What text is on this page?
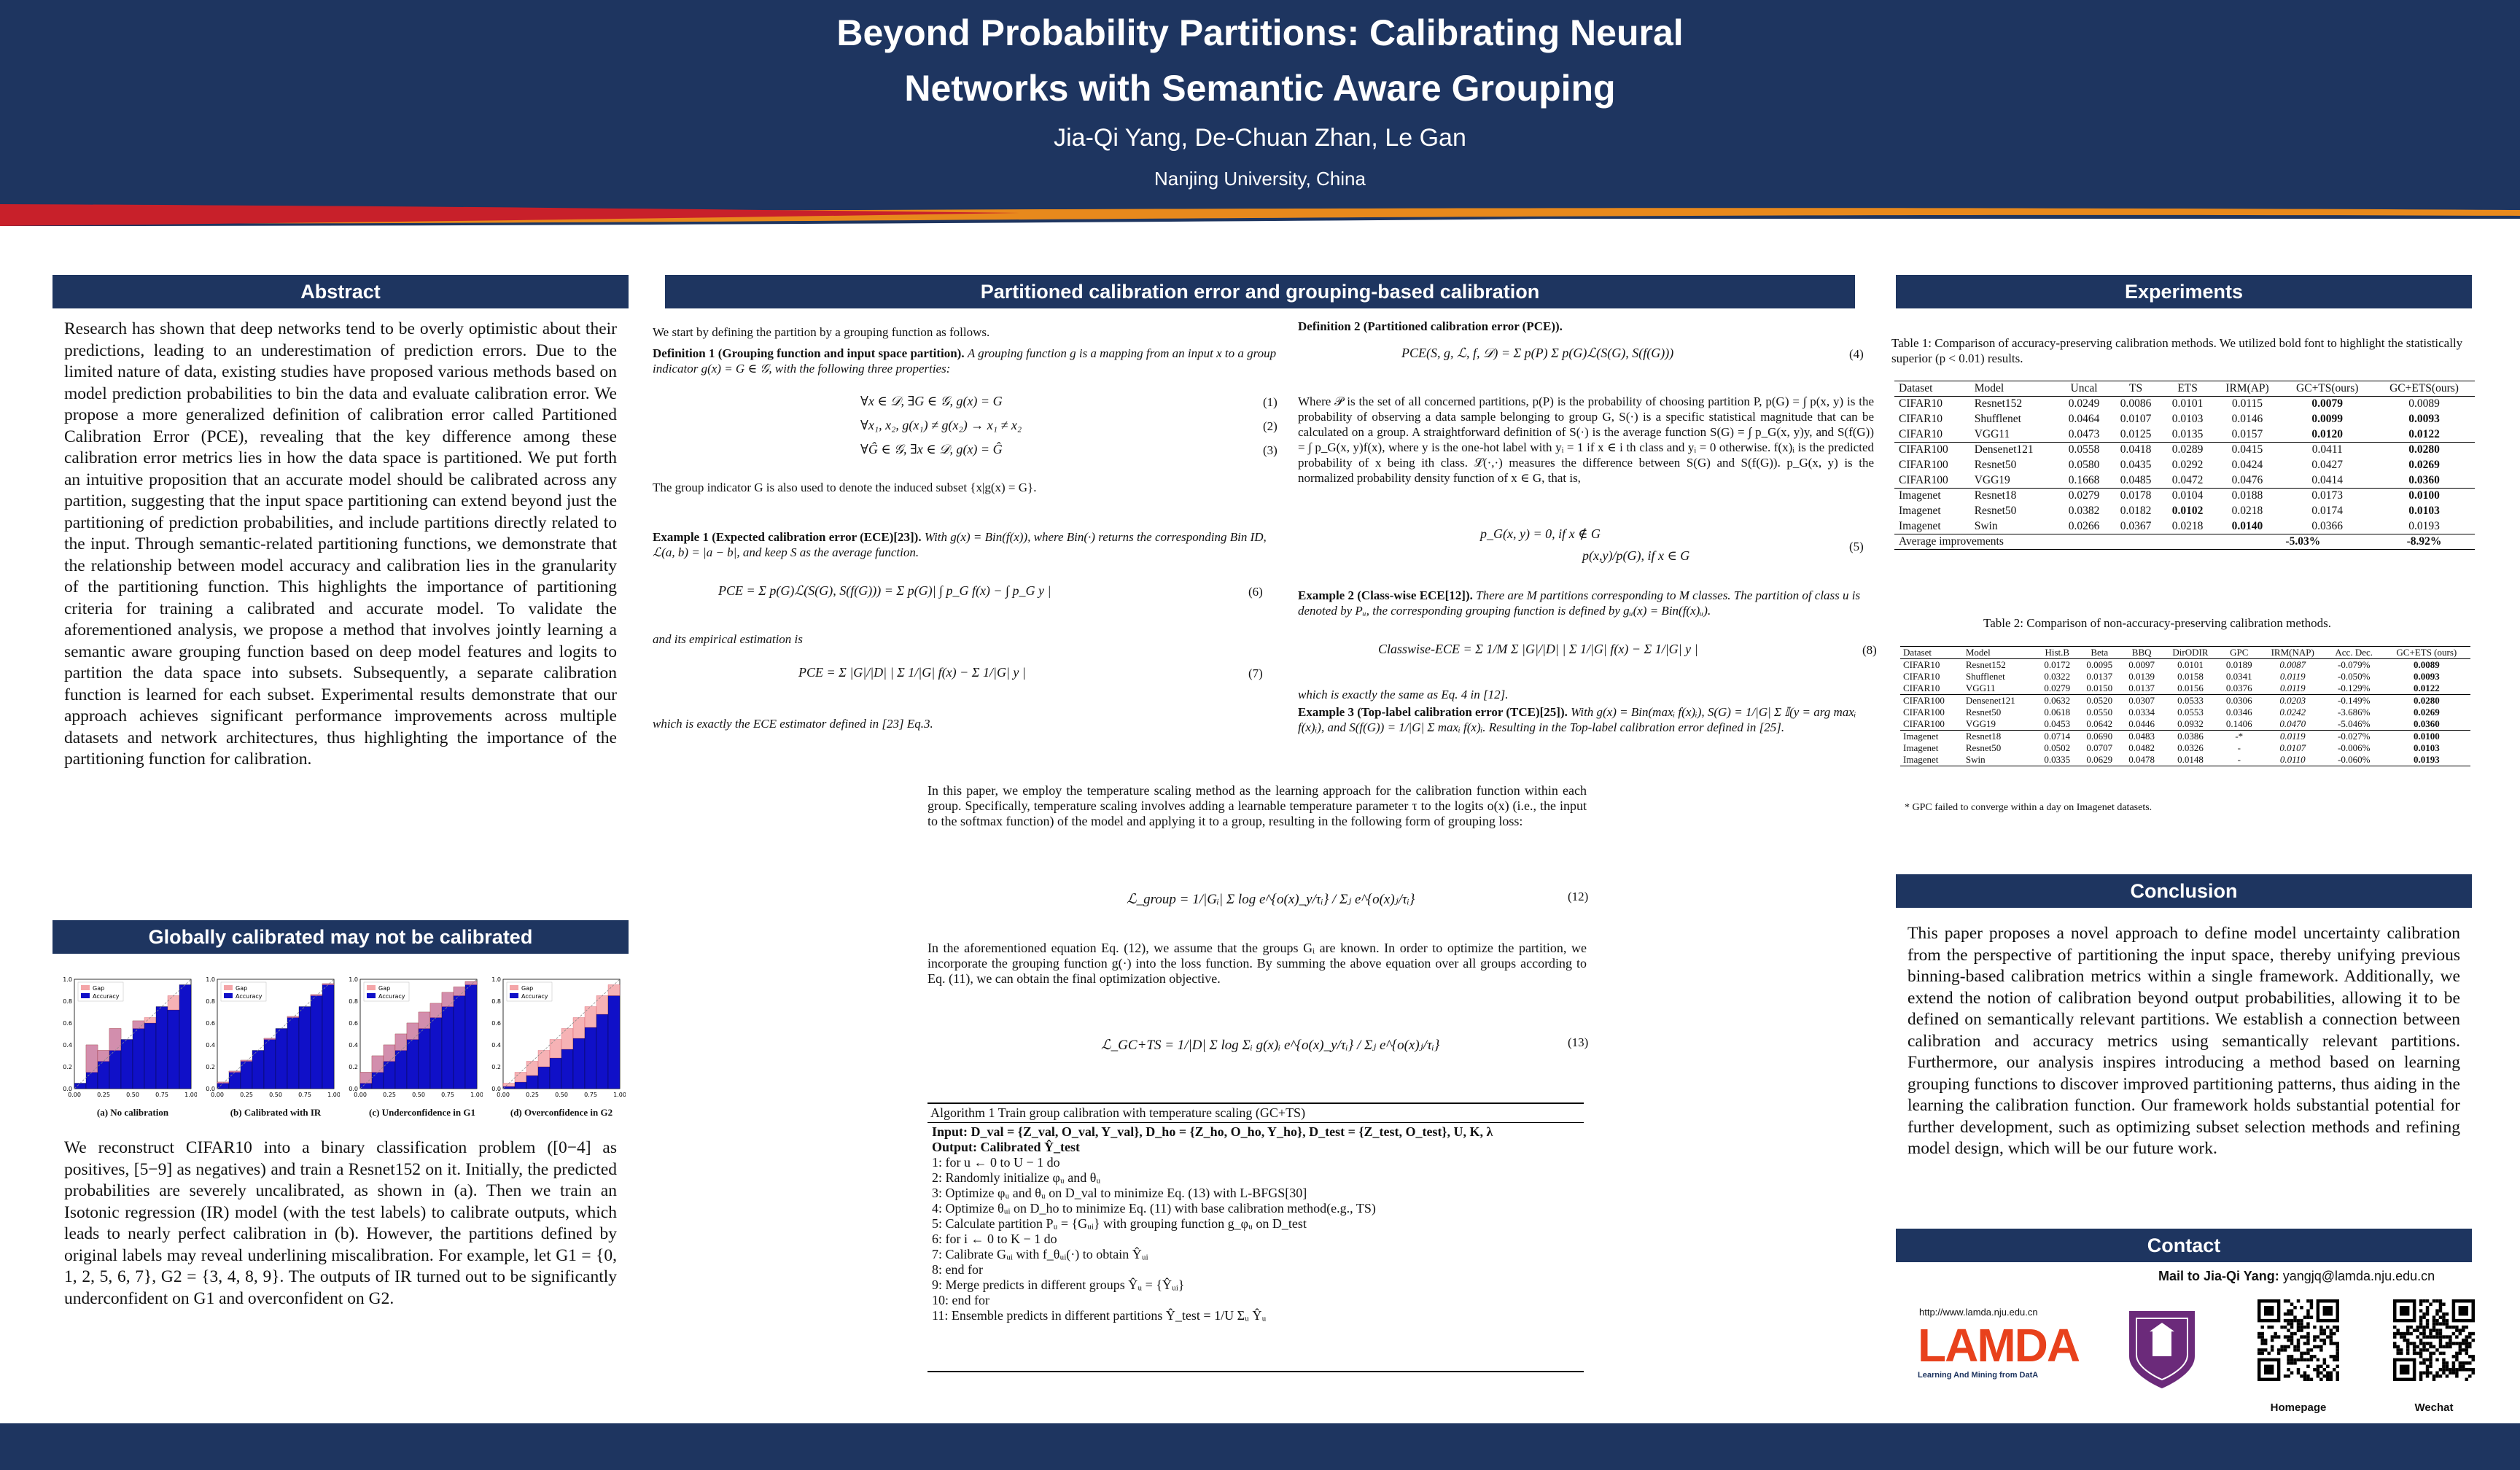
Beyond Probability Partitions: Calibrating Neural
Networks with Semantic Aware Grouping
Jia-Qi Yang, De-Chuan Zhan, Le Gan
Nanjing University, China
Abstract
Research has shown that deep networks tend to be overly optimistic about their predictions, leading to an underestimation of prediction errors. Due to the limited nature of data, existing studies have proposed various methods based on model prediction probabilities to bin the data and evaluate calibration error. We propose a more generalized definition of calibration error called Partitioned Calibration Error (PCE), revealing that the key difference among these calibration error metrics lies in how the data space is partitioned. We put forth an intuitive proposition that an accurate model should be calibrated across any partition, suggesting that the input space partitioning can extend beyond just the partitioning of prediction probabilities, and include partitions directly related to the input. Through semantic-related partitioning functions, we demonstrate that the relationship between model accuracy and calibration lies in the granularity of the partitioning function. This highlights the importance of partitioning criteria for training a calibrated and accurate model. To validate the aforementioned analysis, we propose a method that involves jointly learning a semantic aware grouping function based on deep model features and logits to partition the data space into subsets. Subsequently, a separate calibration function is learned for each subset. Experimental results demonstrate that our approach achieves significant performance improvements across multiple datasets and network architectures, thus highlighting the importance of the partitioning function for calibration.
Globally calibrated may not be calibrated
0.0
0.2
0.4
0.6
0.8
1.0
0.00	0.25	0.50	0.75	1.00
Gap
Accuracy
0.0
0.2
0.4
0.6
0.8
1.0
0.00	0.25	0.50	0.75	1.00
Gap
Accuracy
0.0
0.2
0.4
0.6
0.8
1.0
0.00	0.25	0.50	0.75	1.00
Gap
Accuracy
0.0
0.2
0.4
0.6
0.8
1.0
0.00	0.25	0.50	0.75	1.00
Gap
Accuracy
(a) No calibration	(b) Calibrated with IR	(c) Underconfidence in G1	(d) Overconfidence in G2
We reconstruct CIFAR10 into a binary classification problem ([0−4] as positives, [5−9] as negatives) and train a Resnet152 on it. Initially, the predicted probabilities are severely uncalibrated, as shown in (a). Then we train an Isotonic regression (IR) model (with the test labels) to calibrate outputs, which leads to nearly perfect calibration in (b). However, the partitions defined by original labels may reveal underlining miscalibration. For example, let G1 = {0, 1, 2, 5, 6, 7}, G2 = {3, 4, 8, 9}. The outputs of IR turned out to be significantly underconfident on G1 and overconfident on G2.
Partitioned calibration error and grouping-based calibration
We start by defining the partition by a grouping function as follows.
Definition 1 (Grouping function and input space partition). A grouping function g is a mapping from an input x to a group indicator g(x) = G ∈ 𝒢, with the following three properties:
∀x ∈ 𝒟, ∃G ∈ 𝒢, g(x) = G	(1)
∀x₁, x₂, g(x₁) ≠ g(x₂) → x₁ ≠ x₂	(2)
∀Ĝ ∈ 𝒢, ∃x ∈ 𝒟, g(x) = Ĝ	(3)
The group indicator G is also used to denote the induced subset {x|g(x) = G}.
Example 1 (Expected calibration error (ECE)[23]). With g(x) = Bin(f(x)), where Bin(·) returns the corresponding Bin ID, ℒ(a, b) = |a − b|, and keep S as the average function.
PCE = Σ p(G)ℒ(S(G), S(f(G))) = Σ p(G)| ∫ p_G f(x) − ∫ p_G y |	(6)
and its empirical estimation is
PCE = Σ |G|/|D| | Σ 1/|G| f(x) − Σ 1/|G| y |	(7)
which is exactly the ECE estimator defined in [23] Eq.3.
Definition 2 (Partitioned calibration error (PCE)).
PCE(S, g, ℒ, f, 𝒟) = Σ p(P) Σ p(G)ℒ(S(G), S(f(G)))	(4)
Where 𝒫 is the set of all concerned partitions, p(P) is the probability of choosing partition P, p(G) = ∫ p(x, y) is the probability of observing a data sample belonging to group G, S(·) is a specific statistical magnitude that can be calculated on a group. A straightforward definition of S(·) is the average function S(G) = ∫ p_G(x, y)y, and S(f(G)) = ∫ p_G(x, y)f(x), where y is the one-hot label with yᵢ = 1 if x ∈ i th class and yᵢ = 0 otherwise. f(x)ᵢ is the predicted probability of x being ith class. ℒ(·,·) measures the difference between S(G) and S(f(G)). p_G(x, y) is the normalized probability density function of x ∈ G, that is,
p_G(x, y) = 0, if x ∉ G
p(x,y)/p(G), if x ∈ G
(5)
Example 2 (Class-wise ECE[12]). There are M partitions corresponding to M classes. The partition of class u is denoted by Pᵤ, the corresponding grouping function is defined by gᵤ(x) = Bin(f(x)ᵤ).
Classwise-ECE = Σ 1/M Σ |G|/|D| | Σ 1/|G| f(x) − Σ 1/|G| y |	(8)
which is exactly the same as Eq. 4 in [12].
Example 3 (Top-label calibration error (TCE)[25]). With g(x) = Bin(maxᵢ f(x)ᵢ), S(G) = 1/|G| Σ 𝕀(y = arg maxᵢ f(x)ᵢ), and S(f(G)) = 1/|G| Σ maxᵢ f(x)ᵢ. Resulting in the Top-label calibration error defined in [25].
In this paper, we employ the temperature scaling method as the learning approach for the calibration function within each group. Specifically, temperature scaling involves adding a learnable temperature parameter τ to the logits o(x) (i.e., the input to the softmax function) of the model and applying it to a group, resulting in the following form of grouping loss:
ℒ_group = 1/|Gᵢ| Σ log e^{o(x)_y/τᵢ} / Σⱼ e^{o(x)ⱼ/τᵢ}	(12)
In the aforementioned equation Eq. (12), we assume that the groups Gᵢ are known. In order to optimize the partition, we incorporate the grouping function g(·) into the loss function. By summing the above equation over all groups according to Eq. (11), we can obtain the final optimization objective.
ℒ_GC+TS = 1/|D| Σ log Σᵢ g(x)ᵢ e^{o(x)_y/τᵢ} / Σⱼ e^{o(x)ⱼ/τᵢ}	(13)
Algorithm 1 Train group calibration with temperature scaling (GC+TS)
Input: D_val = {Z_val, O_val, Y_val}, D_ho = {Z_ho, O_ho, Y_ho}, D_test = {Z_test, O_test}, U, K, λ
Output: Calibrated Ŷ_test
1: for u ← 0 to U − 1 do
2: Randomly initialize φᵤ and θᵤ
3: Optimize φᵤ and θᵤ on D_val to minimize Eq. (13) with L-BFGS[30]
4: Optimize θᵤᵢ on D_ho to minimize Eq. (11) with base calibration method(e.g., TS)
5: Calculate partition Pᵤ = {Gᵤᵢ} with grouping function g_φᵤ on D_test
6: for i ← 0 to K − 1 do
7: Calibrate Gᵤᵢ with f_θᵤᵢ(·) to obtain Ŷᵤᵢ
8: end for
9: Merge predicts in different groups Ŷᵤ = {Ŷᵤᵢ}
10: end for
11: Ensemble predicts in different partitions Ŷ_test = 1/U Σᵤ Ŷᵤ
Experiments
Table 1: Comparison of accuracy-preserving calibration methods. We utilized bold font to highlight the statistically superior (p < 0.01) results.
Dataset	Model	Uncal	TS	ETS	IRM(AP)	GC+TS(ours)	GC+ETS(ours)
CIFAR10	Resnet152	0.0249	0.0086	0.0101	0.0115	0.0079	0.0089
CIFAR10	Shufflenet	0.0464	0.0107	0.0103	0.0146	0.0099	0.0093
CIFAR10	VGG11	0.0473	0.0125	0.0135	0.0157	0.0120	0.0122
CIFAR100	Densenet121	0.0558	0.0418	0.0289	0.0415	0.0411	0.0280
CIFAR100	Resnet50	0.0580	0.0435	0.0292	0.0424	0.0427	0.0269
CIFAR100	VGG19	0.1668	0.0485	0.0472	0.0476	0.0414	0.0360
Imagenet	Resnet18	0.0279	0.0178	0.0104	0.0188	0.0173	0.0100
Imagenet	Resnet50	0.0382	0.0182	0.0102	0.0218	0.0174	0.0103
Imagenet	Swin	0.0266	0.0367	0.0218	0.0140	0.0366	0.0193
Average improvements						-5.03%	-8.92%
Table 2: Comparison of non-accuracy-preserving calibration methods.
Dataset	Model	Hist.B	Beta	BBQ	DirODIR	GPC	IRM(NAP)	Acc. Dec.	GC+ETS (ours)
CIFAR10	Resnet152	0.0172	0.0095	0.0097	0.0101	0.0189	0.0087	-0.079%	0.0089
CIFAR10	Shufflenet	0.0322	0.0137	0.0139	0.0158	0.0341	0.0119	-0.050%	0.0093
CIFAR10	VGG11	0.0279	0.0150	0.0137	0.0156	0.0376	0.0119	-0.129%	0.0122
CIFAR100	Densenet121	0.0632	0.0520	0.0307	0.0533	0.0306	0.0203	-0.149%	0.0280
CIFAR100	Resnet50	0.0618	0.0550	0.0334	0.0553	0.0346	0.0242	-3.686%	0.0269
CIFAR100	VGG19	0.0453	0.0642	0.0446	0.0932	0.1406	0.0470	-5.046%	0.0360
Imagenet	Resnet18	0.0714	0.0690	0.0483	0.0386	-*	0.0119	-0.027%	0.0100
Imagenet	Resnet50	0.0502	0.0707	0.0482	0.0326	-	0.0107	-0.006%	0.0103
Imagenet	Swin	0.0335	0.0629	0.0478	0.0148	-	0.0110	-0.060%	0.0193
* GPC failed to converge within a day on Imagenet datasets.
Conclusion
This paper proposes a novel approach to define model uncertainty calibration from the perspective of partitioning the input space, thereby unifying previous binning-based calibration metrics within a single framework. Additionally, we extend the notion of calibration beyond output probabilities, allowing it to be defined on semantically relevant partitions. We establish a connection between calibration and accuracy metrics using semantically relevant partitions. Furthermore, our analysis inspires introducing a method based on learning grouping functions to discover improved partitioning patterns, thus aiding in the learning the calibration function. Our framework holds substantial potential for further development, such as optimizing subset selection methods and refining model design, which will be our future work.
Contact
Mail to Jia-Qi Yang: yangjq@lamda.nju.edu.cn
http://www.lamda.nju.edu.cn
LAMDA
Learning And Mining from DatA
Homepage	Wechat
